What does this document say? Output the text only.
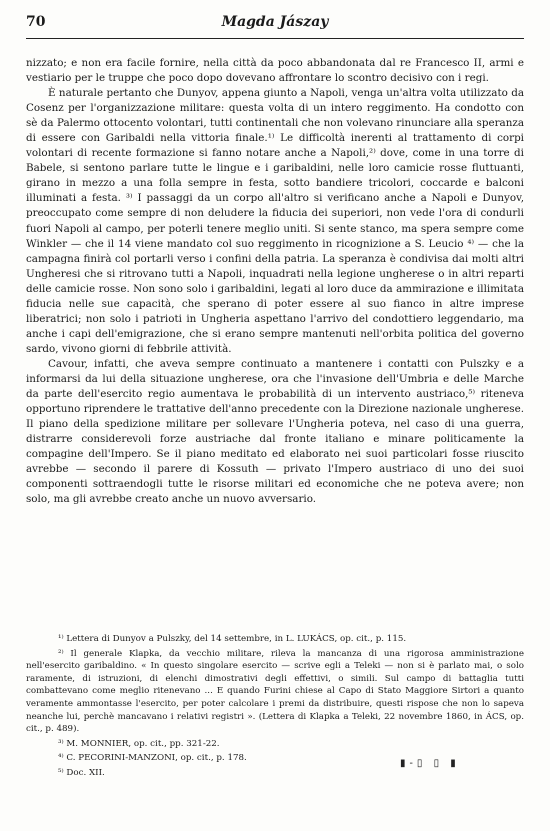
70	Magda Jászay

nizzato; e non era facile fornire, nella città da poco abbandonata dal re Francesco II, armi e vestiario per le truppe che poco dopo dovevano affrontare lo scontro decisivo con i regi.

È naturale pertanto che Dunyov, appena giunto a Napoli, venga un'altra volta utilizzato da Cosenz per l'organizzazione militare: questa volta di un intero reggimento. Ha condotto con sè da Palermo ottocento volontari, tutti continentali che non volevano rinunciare alla speranza di essere con Garibaldi nella vittoria finale.¹⁾ Le difficoltà inerenti al trattamento di corpi volontari di recente formazione si fanno notare anche a Napoli,²⁾ dove, come in una torre di Babele, si sentono parlare tutte le lingue e i garibaldini, nelle loro camicie rosse fluttuanti, girano in mezzo a una folla sempre in festa, sotto bandiere tricolori, coccarde e balconi illuminati a festa. ³⁾ I passaggi da un corpo all'altro si verificano anche a Napoli e Dunyov, preoccupato come sempre di non deludere la fiducia dei superiori, non vede l'ora di condurli fuori Napoli al campo, per poterli tenere meglio uniti. Si sente stanco, ma spera sempre come Winkler — che il 14 viene mandato col suo reggimento in ricognizione a S. Leucio ⁴⁾ — che la campagna finirà col portarli verso i confini della patria. La speranza è condivisa dai molti altri Ungheresi che si ritrovano tutti a Napoli, inquadrati nella legione ungherese o in altri reparti delle camicie rosse. Non sono solo i garibaldini, legati al loro duce da ammirazione e illimitata fiducia nelle sue capacità, che sperano di poter essere al suo fianco in altre imprese liberatrici; non solo i patrioti in Ungheria aspettano l'arrivo del condottiero leggendario, ma anche i capi dell'emigrazione, che si erano sempre mantenuti nell'orbita politica del governo sardo, vivono giorni di febbrile attività.

Cavour, infatti, che aveva sempre continuato a mantenere i contatti con Pulszky e a informarsi da lui della situazione ungherese, ora che l'invasione dell'Umbria e delle Marche da parte dell'esercito regio aumentava le probabilità di un intervento austriaco,⁵⁾ riteneva opportuno riprendere le trattative dell'anno precedente con la Direzione nazionale ungherese. Il piano della spedizione militare per sollevare l'Ungheria poteva, nel caso di una guerra, distrarre considerevoli forze austriache dal fronte italiano e minare politicamente la compagine dell'Impero. Se il piano meditato ed elaborato nei suoi particolari fosse riuscito avrebbe — secondo il parere di Kossuth — privato l'Impero austriaco di uno dei suoi componenti sottraendogli tutte le risorse militari ed economiche che ne poteva avere; non solo, ma gli avrebbe creato anche un nuovo avversario.

¹⁾ Lettera di Dunyov a Pulszky, del 14 settembre, in L. LUKÁCS, op. cit., p. 115.

²⁾ Il generale Klapka, da vecchio militare, rileva la mancanza di una rigorosa amministrazione nell'esercito garibaldino. « In questo singolare esercito — scrive egli a Teleki — non si è parlato mai, o solo raramente, di istruzioni, di elenchi dimostrativi degli effettivi, o simili. Sul campo di battaglia tutti combattevano come meglio ritenevano ... E quando Furini chiese al Capo di Stato Maggiore Sirtori a quanto veramente ammontasse l'esercito, per poter calcolare i premi da distribuire, questi rispose che non lo sapeva neanche lui, perchè mancavano i relativi registri ». (Lettera di Klapka a Teleki, 22 novembre 1860, in ÁCS, op. cit., p. 489).

³⁾ M. MONNIER, op. cit., pp. 321-22.

⁴⁾ C. PECORINI-MANZONI, op. cit., p. 178.

⁵⁾ Doc. XII.

▮-▯ ▯ ▮
